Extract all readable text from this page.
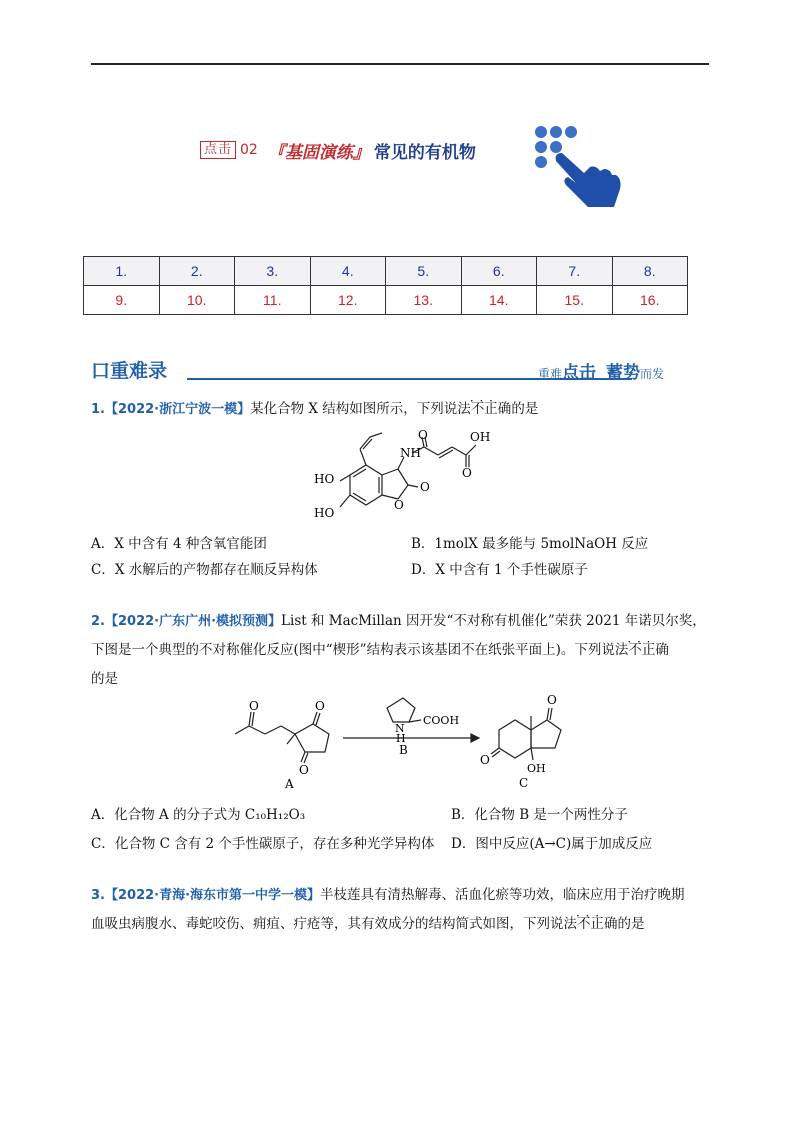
点击 02 『基固演练』 常见的有机物
1.	2.	3.	4.	5.	6.	7.	8.
9.	10.	11.	12.	13.	14.	15.	16.
口重难录	重难点击 蓄势而发
1.【2022·浙江宁波一模】某化合物 X 结构如图所示，下列说法不正确 · · ·的是
O	OH
O
NH
O
O
HO
HO
A．X 中含有 4 种含氧官能团	B．1molX 最多能与 5molNaOH 反应
C．X 水解后的产物都存在顺反异构体	D．X 中含有 1 个手性碳原子
2.【2022·广东广州·模拟预测】List 和 MacMillan 因开发“不对称有机催化”荣获 2021 年诺贝尔奖，
下图是一个典型的不对称催化反应(图中“楔形”结构表示该基团不在纸张平面上)。下列说法不正确 · · ·
的是
O	O
O
A
N
H
COOH
B
O
O
OH
C
A．化合物 A 的分子式为 C₁₀H₁₂O₃	B．化合物 B 是一个两性分子
C．化合物 C 含有 2 个手性碳原子，存在多种光学异构体 D．图中反应(A→C)属于加成反应
3.【2022·青海·海东市第一中学一模】半枝莲具有清热解毒、活血化瘀等功效，临床应用于治疗晚期
血吸虫病腹水、毒蛇咬伤、痈疽、疔疮等，其有效成分的结构简式如图，下列说法不正确 · · ·的是
